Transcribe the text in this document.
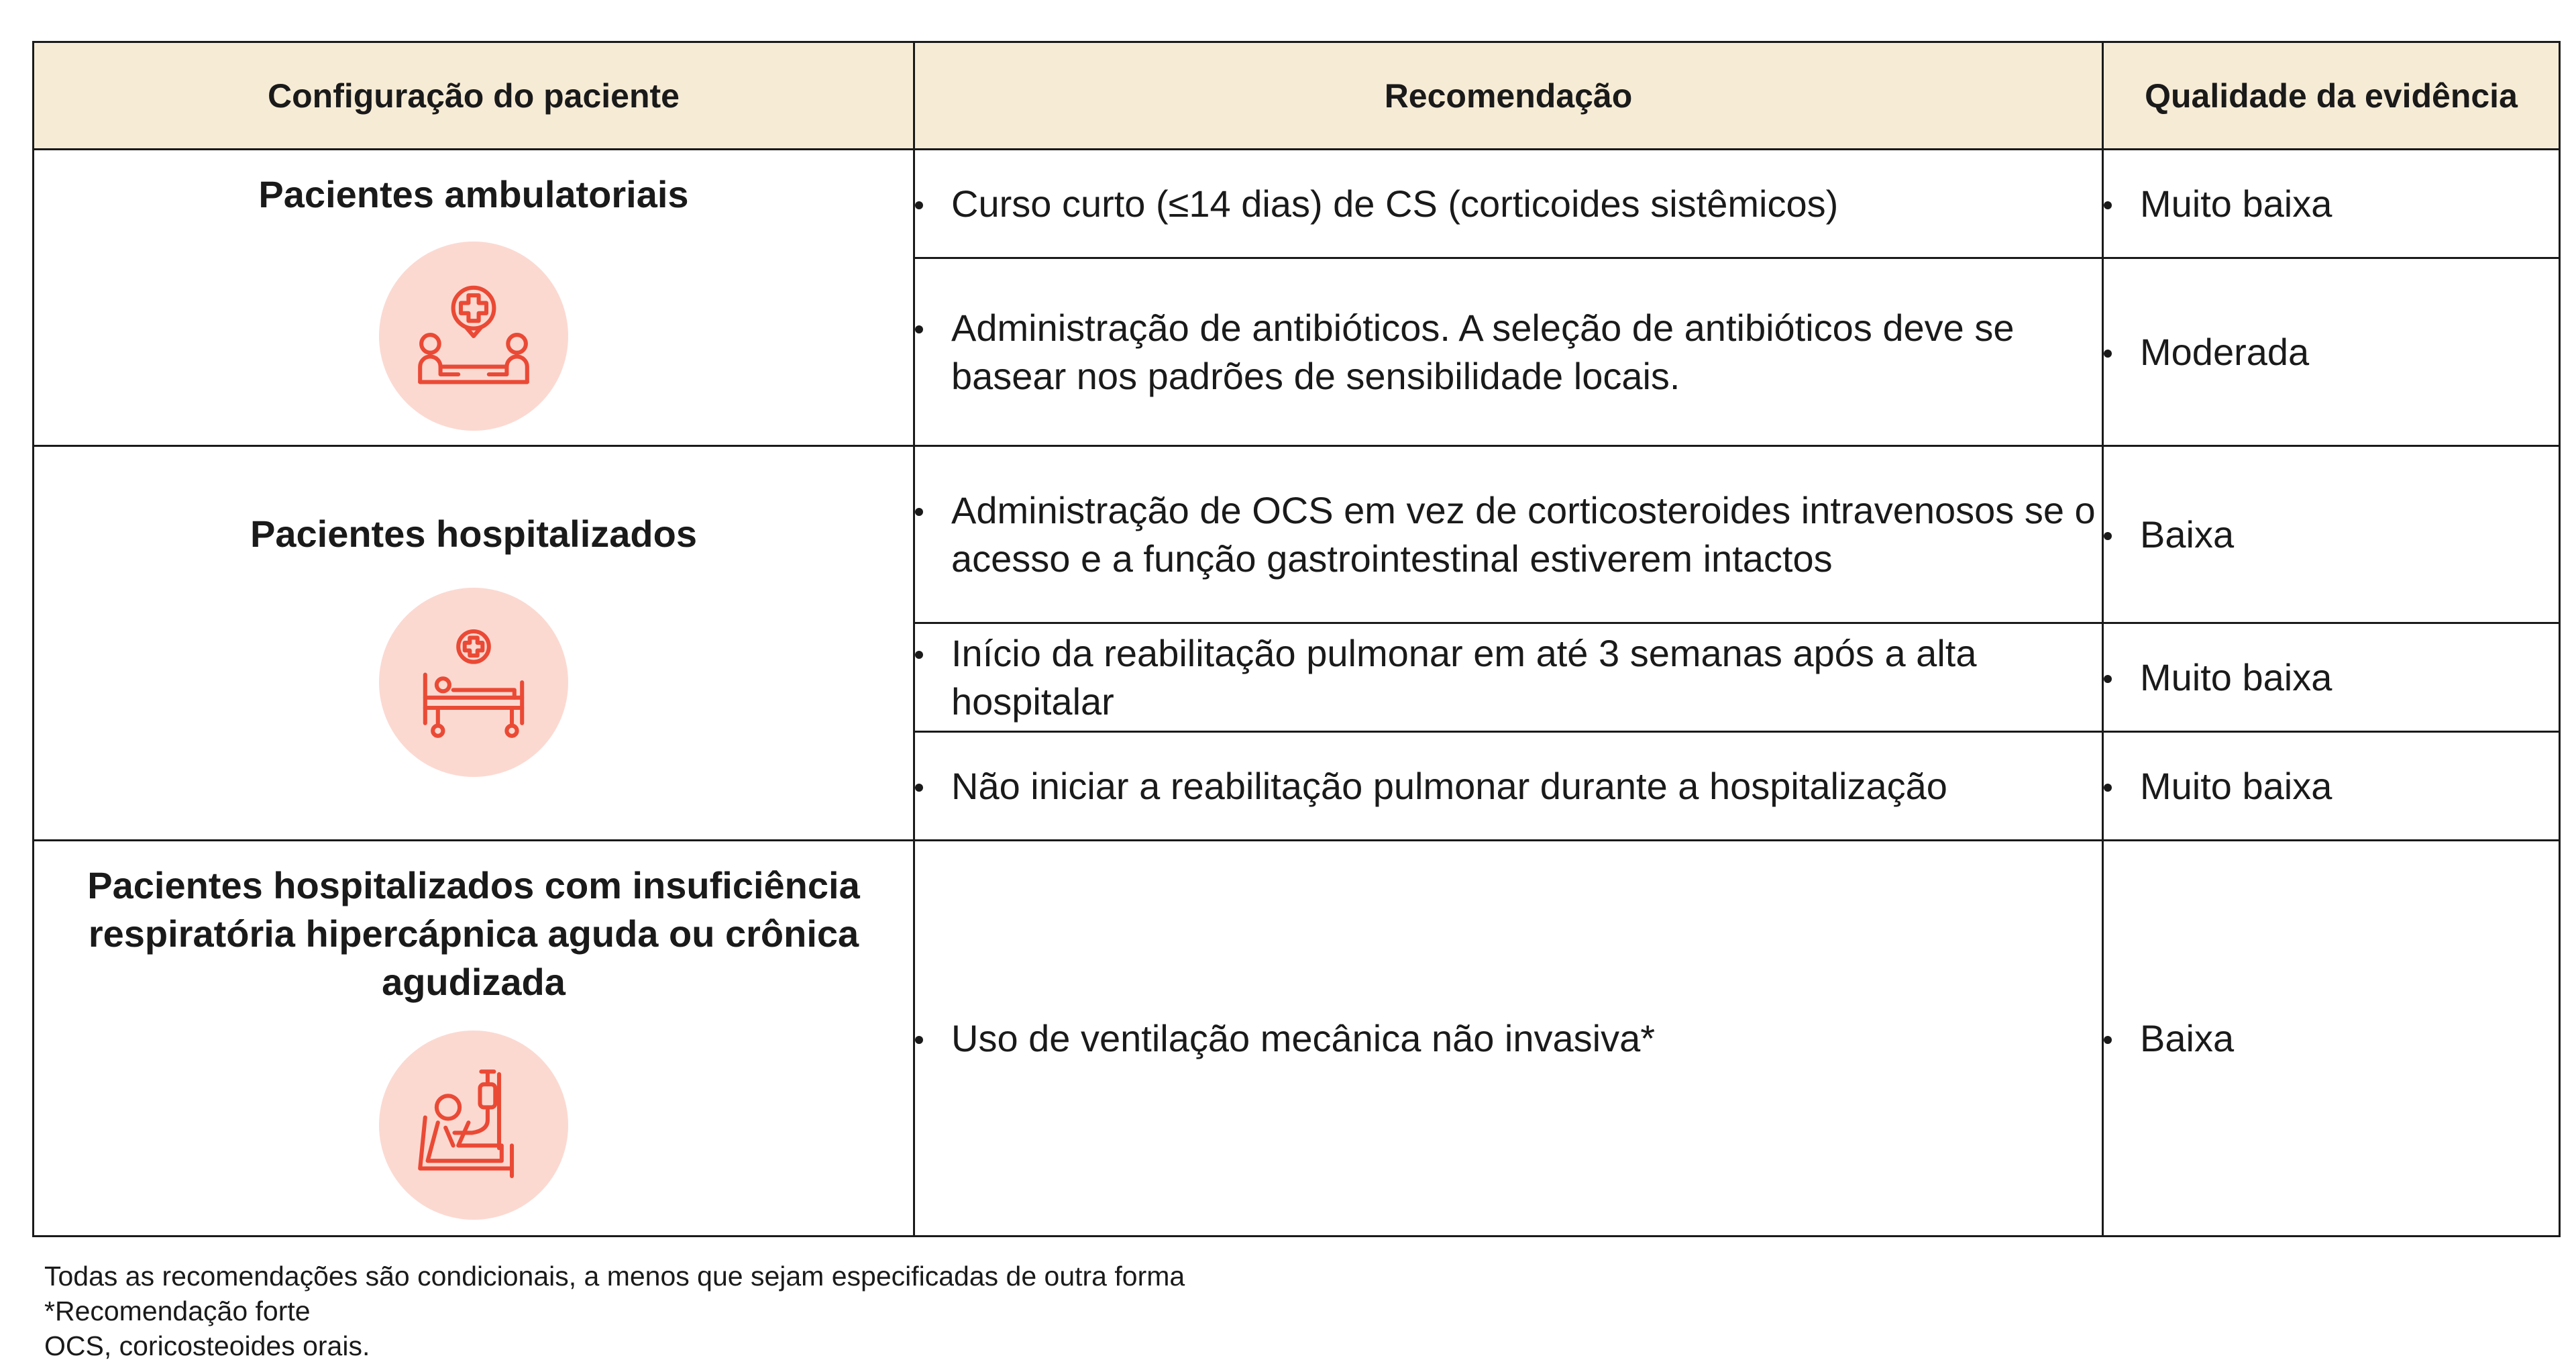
Configuração do paciente	Recomendação	Qualidade da evidência

Pacientes ambulatoriais	Curso curto (≤14 dias) de CS (corticoides sistêmicos)	Muito baixa

	Administração de antibióticos. A seleção de antibióticos deve se basear nos padrões de sensibilidade locais.	Moderada

Pacientes hospitalizados	Administração de OCS em vez de corticosteroides intravenosos se o acesso e a função gastrointestinal estiverem intactos	Baixa

	Início da reabilitação pulmonar em até 3 semanas após a alta hospitalar	Muito baixa

	Não iniciar a reabilitação pulmonar durante a hospitalização	Muito baixa

Pacientes hospitalizados com insuficiência respiratória hipercápnica aguda ou crônica agudizada	Uso de ventilação mecânica não invasiva*	Baixa
Todas as recomendações são condicionais, a menos que sejam especificadas de outra forma
*Recomendação forte
OCS, coricosteoides orais.
